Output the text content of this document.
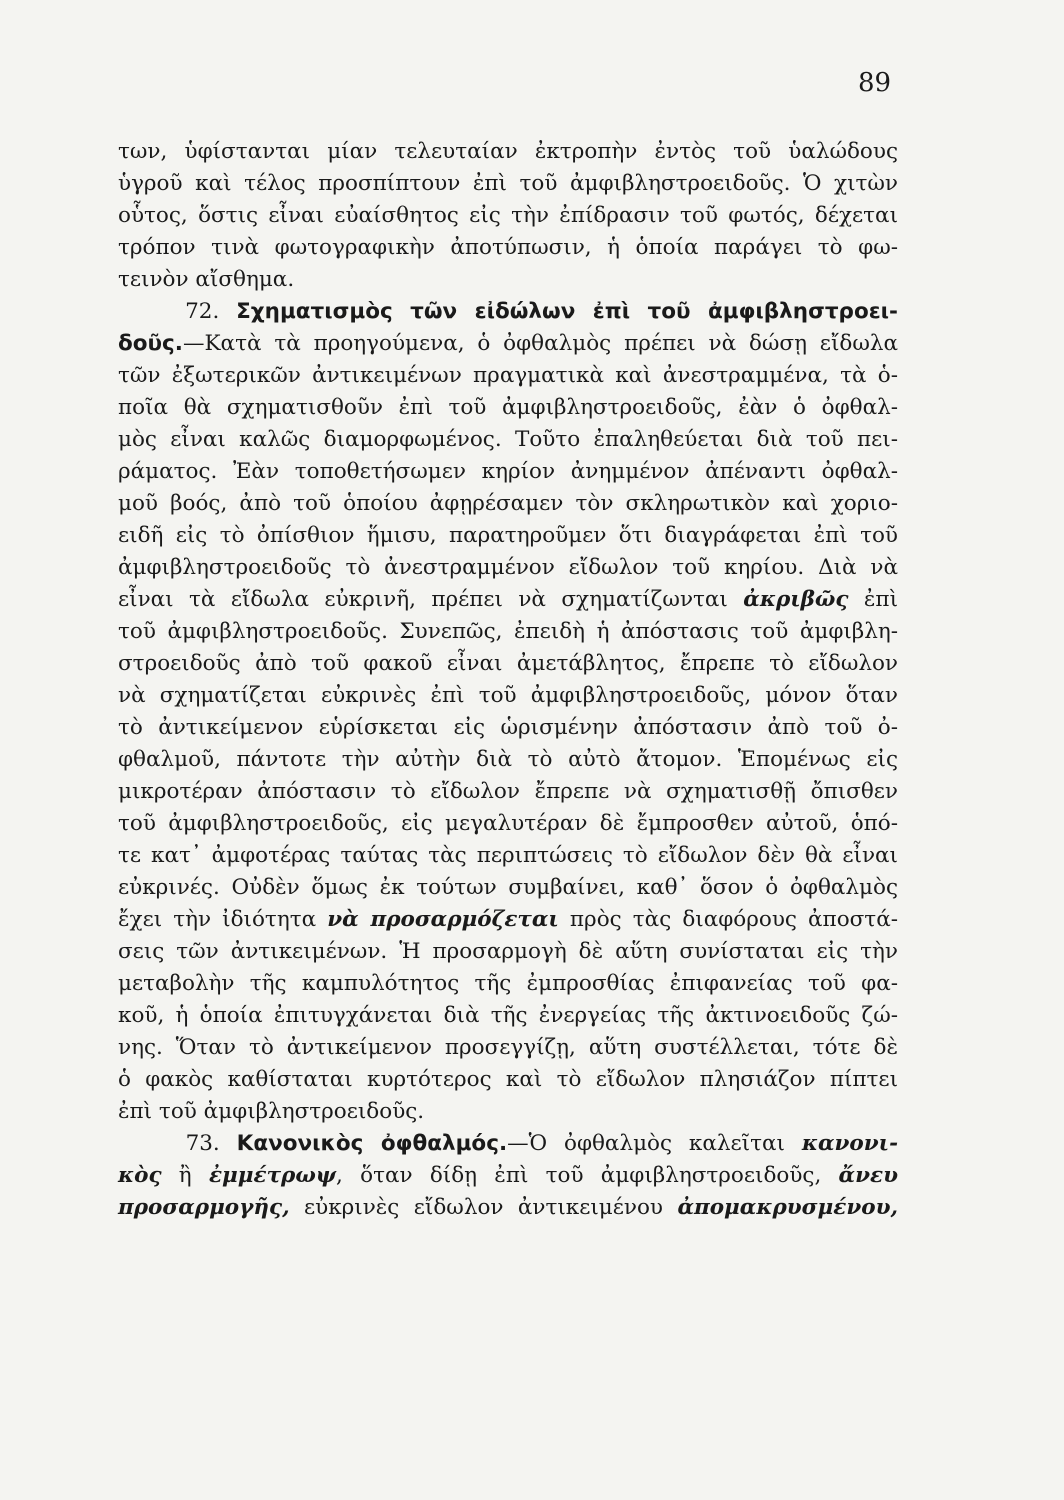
89
των, ὑφίστανται μίαν τελευταίαν ἐκτροπὴν ἐντὸς τοῦ ὑαλώδους
ὑγροῦ καὶ τέλος προσπίπτουν ἐπὶ τοῦ ἀμφιβληστροειδοῦς. Ὁ χιτὼν
οὗτος, ὅστις εἶναι εὐαίσθητος εἰς τὴν ἐπίδρασιν τοῦ φωτός, δέχεται
τρόπον τινὰ φωτογραφικὴν ἀποτύπωσιν, ἡ ὁποία παράγει τὸ φω-
τεινὸν αἴσθημα.
72. Σχηματισμὸς τῶν εἰδώλων ἐπὶ τοῦ ἀμφιβληστροει-
δοῦς.—Κατὰ τὰ προηγούμενα, ὁ ὀφθαλμὸς πρέπει νὰ δώσῃ εἴδωλα
τῶν ἐξωτερικῶν ἀντικειμένων πραγματικὰ καὶ ἀνεστραμμένα, τὰ ὁ-
ποῖα θὰ σχηματισθοῦν ἐπὶ τοῦ ἀμφιβληστροειδοῦς, ἐὰν ὁ ὀφθαλ-
μὸς εἶναι καλῶς διαμορφωμένος. Τοῦτο ἐπαληθεύεται διὰ τοῦ πει-
ράματος. Ἐὰν τοποθετήσωμεν κηρίον ἀνημμένον ἀπέναντι ὀφθαλ-
μοῦ βοός, ἀπὸ τοῦ ὁποίου ἀφῃρέσαμεν τὸν σκληρωτικὸν καὶ χοριο-
ειδῆ εἰς τὸ ὀπίσθιον ἥμισυ, παρατηροῦμεν ὅτι διαγράφεται ἐπὶ τοῦ
ἀμφιβληστροειδοῦς τὸ ἀνεστραμμένον εἴδωλον τοῦ κηρίου. Διὰ νὰ
εἶναι τὰ εἴδωλα εὐκρινῆ, πρέπει νὰ σχηματίζωνται ἀκριβῶς ἐπὶ
τοῦ ἀμφιβληστροειδοῦς. Συνεπῶς, ἐπειδὴ ἡ ἀπόστασις τοῦ ἀμφιβλη-
στροειδοῦς ἀπὸ τοῦ φακοῦ εἶναι ἀμετάβλητος, ἔπρεπε τὸ εἴδωλον
νὰ σχηματίζεται εὐκρινὲς ἐπὶ τοῦ ἀμφιβληστροειδοῦς, μόνον ὅταν
τὸ ἀντικείμενον εὑρίσκεται εἰς ὡρισμένην ἀπόστασιν ἀπὸ τοῦ ὀ-
φθαλμοῦ, πάντοτε τὴν αὐτὴν διὰ τὸ αὐτὸ ἄτομον. Ἑπομένως εἰς
μικροτέραν ἀπόστασιν τὸ εἴδωλον ἔπρεπε νὰ σχηματισθῇ ὄπισθεν
τοῦ ἀμφιβληστροειδοῦς, εἰς μεγαλυτέραν δὲ ἔμπροσθεν αὐτοῦ, ὁπό-
τε κατ᾽ ἀμφοτέρας ταύτας τὰς περιπτώσεις τὸ εἴδωλον δὲν θὰ εἶναι
εὐκρινές. Οὐδὲν ὅμως ἐκ τούτων συμβαίνει, καθ᾽ ὅσον ὁ ὀφθαλμὸς
ἔχει τὴν ἰδιότητα νὰ προσαρμόζεται πρὸς τὰς διαφόρους ἀποστά-
σεις τῶν ἀντικειμένων. Ἡ προσαρμογὴ δὲ αὕτη συνίσταται εἰς τὴν
μεταβολὴν τῆς καμπυλότητος τῆς ἐμπροσθίας ἐπιφανείας τοῦ φα-
κοῦ, ἡ ὁποία ἐπιτυγχάνεται διὰ τῆς ἐνεργείας τῆς ἀκτινοειδοῦς ζώ-
νης. Ὅταν τὸ ἀντικείμενον προσεγγίζῃ, αὕτη συστέλλεται, τότε δὲ
ὁ φακὸς καθίσταται κυρτότερος καὶ τὸ εἴδωλον πλησιάζον πίπτει
ἐπὶ τοῦ ἀμφιβληστροειδοῦς.
73. Κανονικὸς ὀφθαλμός.—Ὁ ὀφθαλμὸς καλεῖται κανονι-
κὸς ἢ ἐμμέτρωψ, ὅταν δίδῃ ἐπὶ τοῦ ἀμφιβληστροειδοῦς, ἄνευ
προσαρμογῆς, εὐκρινὲς εἴδωλον ἀντικειμένου ἀπομακρυσμένου,
